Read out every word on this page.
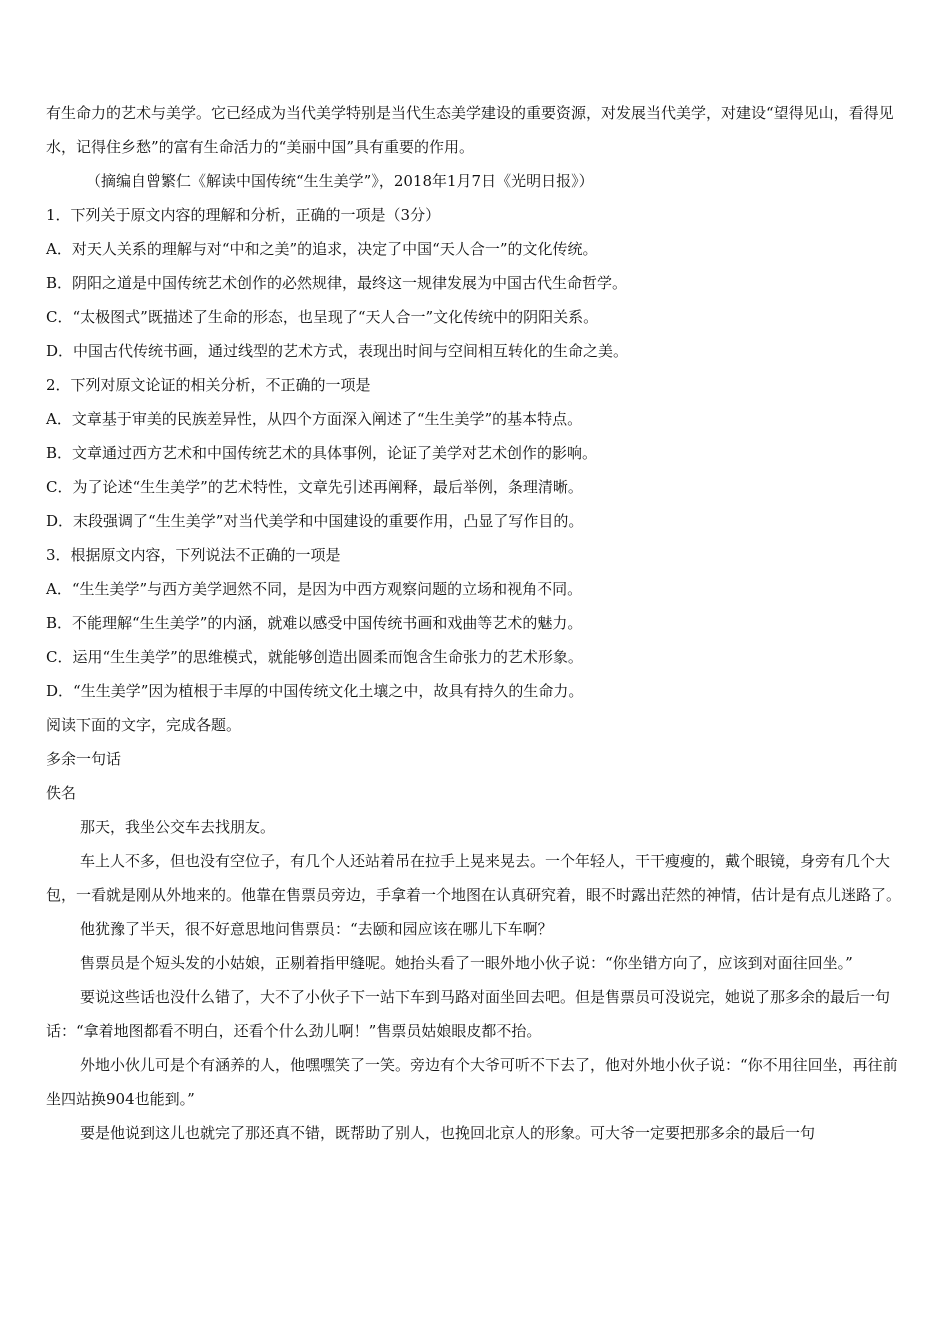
有生命力的艺术与美学。它已经成为当代美学特别是当代生态美学建设的重要资源，对发展当代美学，对建设“望得见山，看得见水，记得住乡愁”的富有生命活力的“美丽中国”具有重要的作用。

（摘编自曾繁仁《解读中国传统“生生美学”》，2018年1月7日《光明日报》）

1．下列关于原文内容的理解和分析，正确的一项是（3分）

A．对天人关系的理解与对“中和之美”的追求，决定了中国“天人合一”的文化传统。

B．阴阳之道是中国传统艺术创作的必然规律，最终这一规律发展为中国古代生命哲学。

C．“太极图式”既描述了生命的形态，也呈现了“天人合一”文化传统中的阴阳关系。

D．中国古代传统书画，通过线型的艺术方式，表现出时间与空间相互转化的生命之美。

2．下列对原文论证的相关分析，不正确的一项是

A．文章基于审美的民族差异性，从四个方面深入阐述了“生生美学”的基本特点。

B．文章通过西方艺术和中国传统艺术的具体事例，论证了美学对艺术创作的影响。

C．为了论述“生生美学”的艺术特性，文章先引述再阐释，最后举例，条理清晰。

D．末段强调了“生生美学”对当代美学和中国建设的重要作用，凸显了写作目的。

3．根据原文内容，下列说法不正确的一项是

A．“生生美学”与西方美学迥然不同，是因为中西方观察问题的立场和视角不同。

B．不能理解“生生美学”的内涵，就难以感受中国传统书画和戏曲等艺术的魅力。

C．运用“生生美学”的思维模式，就能够创造出圆柔而饱含生命张力的艺术形象。

D．“生生美学”因为植根于丰厚的中国传统文化土壤之中，故具有持久的生命力。

阅读下面的文字，完成各题。

多余一句话

佚名

那天，我坐公交车去找朋友。

车上人不多，但也没有空位子，有几个人还站着吊在拉手上晃来晃去。一个年轻人，干干瘦瘦的，戴个眼镜，身旁有几个大包，一看就是刚从外地来的。他靠在售票员旁边，手拿着一个地图在认真研究着，眼不时露出茫然的神情，估计是有点儿迷路了。

他犹豫了半天，很不好意思地问售票员：“去颐和园应该在哪儿下车啊？

售票员是个短头发的小姑娘，正剔着指甲缝呢。她抬头看了一眼外地小伙子说：“你坐错方向了，应该到对面往回坐。”

要说这些话也没什么错了，大不了小伙子下一站下车到马路对面坐回去吧。但是售票员可没说完，她说了那多余的最后一句话：“拿着地图都看不明白，还看个什么劲儿啊！”售票员姑娘眼皮都不抬。

外地小伙儿可是个有涵养的人，他嘿嘿笑了一笑。旁边有个大爷可听不下去了，他对外地小伙子说：“你不用往回坐，再往前坐四站换904也能到。”

要是他说到这儿也就完了那还真不错，既帮助了别人，也挽回北京人的形象。可大爷一定要把那多余的最后一句
